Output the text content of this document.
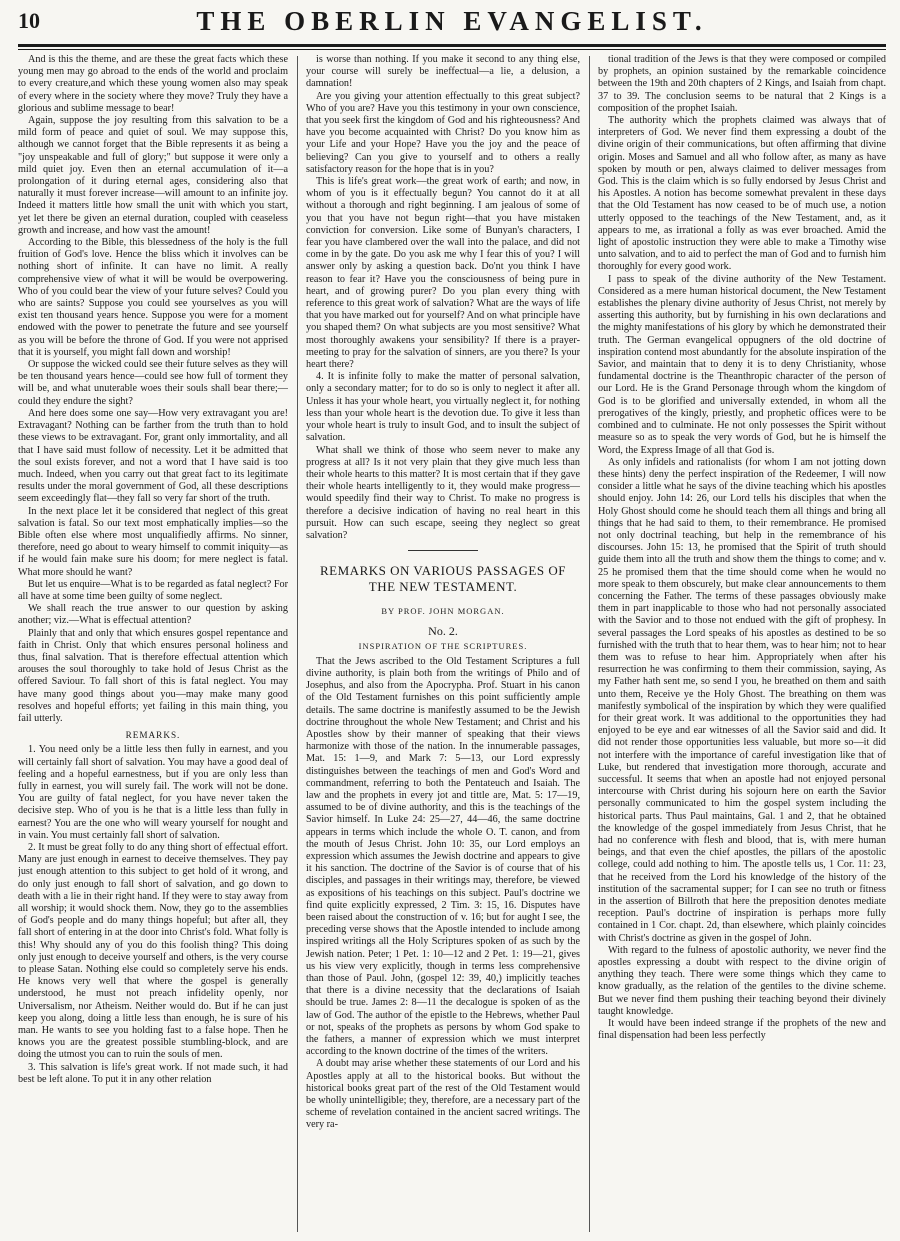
10	THE OBERLIN EVANGELIST.

And is this the theme, and are these the great facts which these young men may go abroad to the ends of the world and proclaim to every creature,and which these young women also may speak of every where in the society where they move? Truly they have a glorious and sublime message to bear!

Again, suppose the joy resulting from this salvation to be a mild form of peace and quiet of soul. We may suppose this, although we cannot forget that the Bible represents it as being a "joy unspeakable and full of glory;" but suppose it were only a mild quiet joy. Even then an eternal accumulation of it—a prolongation of it during eternal ages, considering also that naturally it must forever increase—will amount to an infinite joy. Indeed it matters little how small the unit with which you start, yet let there be given an eternal duration, coupled with ceaseless growth and increase, and how vast the amount!

According to the Bible, this blessedness of the holy is the full fruition of God's love. Hence the bliss which it involves can be nothing short of infinite. It can have no limit. A really comprehensive view of what it will be would be overpowering. Who of you could bear the view of your future selves? Could you who are saints? Suppose you could see yourselves as you will exist ten thousand years hence. Suppose you were for a moment endowed with the power to penetrate the future and see yourself as you will be before the throne of God. If you were not apprised that it is yourself, you might fall down and worship!

Or suppose the wicked could see their future selves as they will be ten thousand years hence—could see how full of torment they will be, and what unuterable woes their souls shall bear there;—could they endure the sight?

And here does some one say—How very extravagant you are! Extravagant? Nothing can be farther from the truth than to hold these views to be extravagant. For, grant only immortality, and all that I have said must follow of necessity. Let it be admitted that the soul exists forever, and not a word that I have said is too much. Indeed, when you carry out that great fact to its legitimate results under the moral government of God, all these descriptions seem exceedingly flat—they fall so very far short of the truth.

In the next place let it be considered that neglect of this great salvation is fatal. So our text most emphatically implies—so the Bible often else where most unqualifiedly affirms. No sinner, therefore, need go about to weary himself to commit iniquity—as if he would fain make sure his doom; for mere neglect is fatal. What more should he want?

But let us enquire—What is to be regarded as fatal neglect? For all have at some time been guilty of some neglect.

We shall reach the true answer to our question by asking another; viz.—What is effectual attention?

Plainly that and only that which ensures gospel repentance and faith in Christ. Only that which ensures personal holiness and thus, final salvation. That is therefore effectual attention which arouses the soul thoroughly to take hold of Jesus Christ as the offered Saviour. To fall short of this is fatal neglect. You may have many good things about you—may make many good resolves and hopeful efforts; yet failing in this main thing, you fail utterly.

REMARKS.

1. You need only be a little less then fully in earnest, and you will certainly fall short of salvation. You may have a good deal of feeling and a hopeful earnestness, but if you are only less than fully in earnest, you will surely fail. The work will not be done. You are guilty of fatal neglect, for you have never taken the decisive step. Who of you is he that is a little less than fully in earnest? You are the one who will weary yourself for nought and in vain. You must certainly fall short of salvation.

2. It must be great folly to do any thing short of effectual effort. Many are just enough in earnest to deceive themselves. They pay just enough attention to this subject to get hold of it wrong, and do only just enough to fall short of salvation, and go down to death with a lie in their right hand. If they were to stay away from all worship; it would shock them. Now, they go to the assemblies of God's people and do many things hopeful; but after all, they fall short of entering in at the door into Christ's fold. What folly is this! Why should any of you do this foolish thing? This doing only just enough to deceive yourself and others, is the very course to please Satan. Nothing else could so completely serve his ends. He knows very well that where the gospel is generally understood, he must not preach infidelity openly, nor Universalism, nor Atheism. Neither would do. But if he can just keep you along, doing a little less than enough, he is sure of his man. He wants to see you holding fast to a false hope. Then he knows you are the greatest possible stumbling-block, and are doing the utmost you can to ruin the souls of men.

3. This salvation is life's great work. If not made such, it had best be left alone. To put it in any other relation

is worse than nothing. If you make it second to any thing else, your course will surely be ineffectual—a lie, a delusion, a damnation!

Are you giving your attention effectually to this great subject? Who of you are? Have you this testimony in your own conscience, that you seek first the kingdom of God and his righteousness? And have you become acquainted with Christ? Do you know him as your Life and your Hope? Have you the joy and the peace of believing? Can you give to yourself and to others a really satisfactory reason for the hope that is in you?

This is life's great work—the great work of earth; and now, in whom of you is it effectually begun? You cannot do it at all without a thorough and right beginning. I am jealous of some of you that you have not begun right—that you have mistaken conviction for conversion. Like some of Bunyan's characters, I fear you have clambered over the wall into the palace, and did not come in by the gate. Do you ask me why I fear this of you? I will answer only by asking a question back. Do'nt you think I have reason to fear it? Have you the consciousness of being pure in heart, and of growing purer? Do you plan every thing with reference to this great work of salvation? What are the ways of life that you have marked out for yourself? And on what principle have you shaped them? On what subjects are you most sensitive? What most thoroughly awakens your sensibility? If there is a prayer-meeting to pray for the salvation of sinners, are you there? Is your heart there?

4. It is infinite folly to make the matter of personal salvation, only a secondary matter; for to do so is only to neglect it after all. Unless it has your whole heart, you virtually neglect it, for nothing less than your whole heart is the devotion due. To give it less than your whole heart is truly to insult God, and to insult the subject of salvation.

What shall we think of those who seem never to make any progress at all? Is it not very plain that they give much less than their whole hearts to this matter? It is most certain that if they gave their whole hearts intelligently to it, they would make progress—would speedily find their way to Christ. To make no progress is therefore a decisive indication of having no real heart in this pursuit. How can such escape, seeing they neglect so great salvation?

REMARKS ON VARIOUS PASSAGES OF THE NEW TESTAMENT.
BY PROF. JOHN MORGAN.
No. 2.
INSPIRATION OF THE SCRIPTURES.

That the Jews ascribed to the Old Testament Scriptures a full divine authority, is plain both from the writings of Philo and of Josephus, and also from the Apocrypha. Prof. Stuart in his canon of the Old Testament furnishes on this point sufficiently ample details. The same doctrine is manifestly assumed to be the Jewish doctrine throughout the whole New Testament; and Christ and his Apostles show by their manner of speaking that their views harmonize with those of the nation. In the innumerable passages, Mat. 15: 1—9, and Mark 7: 5—13, our Lord expressly distinguishes between the teachings of men and God's Word and commandment, referring to both the Pentateuch and Isaiah. The law and the prophets in every jot and tittle are, Mat. 5: 17—19, assumed to be of divine authority, and this is the teachings of the Savior himself. In Luke 24: 25—27, 44—46, the same doctrine appears in terms which include the whole O. T. canon, and from the mouth of Jesus Christ. John 10: 35, our Lord employs an expression which assumes the Jewish doctrine and appears to give it his sanction. The doctrine of the Savior is of course that of his disciples, and passages in their writings may, therefore, be viewed as expositions of his teachings on this subject. Paul's doctrine we find quite explicitly expressed, 2 Tim. 3: 15, 16. Disputes have been raised about the construction of v. 16; but for aught I see, the preceding verse shows that the Apostle intended to include among inspired writings all the Holy Scriptures spoken of as such by the Jewish nation. Peter; 1 Pet. 1: 10—12 and 2 Pet. 1: 19—21, gives us his view very explicitly, though in terms less comprehensive than those of Paul. John, (gospel 12: 39, 40,) implicitly teaches that there is a divine necessity that the declarations of Isaiah should be true. James 2: 8—11 the decalogue is spoken of as the law of God. The author of the epistle to the Hebrews, whether Paul or not, speaks of the prophets as persons by whom God spake to the fathers, a manner of expression which we must interpret according to the known doctrine of the times of the writers.

A doubt may arise whether these statements of our Lord and his Apostles apply at all to the historical books. But without the historical books great part of the rest of the Old Testament would be wholly unintelligible; they, therefore, are a necessary part of the scheme of revelation contained in the ancient sacred writings. The very ra-

tional tradition of the Jews is that they were composed or compiled by prophets, an opinion sustained by the remarkable coincidence between the 19th and 20th chapters of 2 Kings, and Isaiah from chapt. 37 to 39. The conclusion seems to be natural that 2 Kings is a composition of the prophet Isaiah.

The authority which the prophets claimed was always that of interpreters of God. We never find them expressing a doubt of the divine origin of their communications, but often affirming that divine origin. Moses and Samuel and all who follow after, as many as have spoken by mouth or pen, always claimed to deliver messages from God. This is the claim which is so fully endorsed by Jesus Christ and his Apostles. A notion has become somewhat prevalent in these days that the Old Testament has now ceased to be of much use, a notion utterly opposed to the teachings of the New Testament, and, as it appears to me, as irrational a folly as was ever broached. Amid the light of apostolic instruction they were able to make a Timothy wise unto salvation, and to aid to perfect the man of God and to furnish him thoroughly for every good work.

I pass to speak of the divine authority of the New Testament. Considered as a mere human historical document, the New Testament establishes the plenary divine authority of Jesus Christ, not merely by asserting this authority, but by furnishing in his own declarations and the mighty manifestations of his glory by which he demonstrated their truth. The German evangelical oppugners of the old doctrine of inspiration contend most abundantly for the absolute inspiration of the Savior, and maintain that to deny it is to deny Christianity, whose fundamental doctrine is the Theanthropic character of the person of our Lord. He is the Grand Personage through whom the kingdom of God is to be glorified and universally extended, in whom all the prerogatives of the kingly, priestly, and prophetic offices were to be combined and to culminate. He not only possesses the Spirit without measure so as to speak the very words of God, but he is himself the Word, the Express Image of all that God is.

As only infidels and rationalists (for whom I am not jotting down these hints) deny the perfect inspiration of the Redeemer, I will now consider a little what he says of the divine teaching which his apostles should enjoy. John 14: 26, our Lord tells his disciples that when the Holy Ghost should come he should teach them all things and bring all things that he had said to them, to their remembrance. He promised not only doctrinal teaching, but help in the remembrance of his discourses. John 15: 13, he promised that the Spirit of truth should guide them into all the truth and show them the things to come; and v. 25 he promised them that the time should come when he would no more speak to them obscurely, but make clear announcements to them concerning the Father. The terms of these passages obviously make them in part inapplicable to those who had not personally associated with the Savior and to those not endued with the gift of prophesy. In several passages the Lord speaks of his apostles as destined to be so furnished with the truth that to hear them, was to hear him; not to hear them was to refuse to hear him. Appropriately when after his resurrection he was confirming to them their commission, saying, As my Father hath sent me, so send I you, he breathed on them and saith unto them, Receive ye the Holy Ghost. The breathing on them was manifestly symbolical of the inspiration by which they were qualified for their great work. It was additional to the opportunities they had enjoyed to be eye and ear witnesses of all the Savior said and did. It did not render those opportunities less valuable, but more so—it did not interfere with the importance of careful investigation like that of Luke, but rendered that investigation more thorough, accurate and successful. It seems that when an apostle had not enjoyed personal intercourse with Christ during his sojourn here on earth the Savior personally communicated to him the gospel system including the historical parts. Thus Paul maintains, Gal. 1 and 2, that he obtained the knowledge of the gospel immediately from Jesus Christ, that he had no conference with flesh and blood, that is, with mere human beings, and that even the chief apostles, the pillars of the apostolic college, could add nothing to him. The apostle tells us, 1 Cor. 11: 23, that he received from the Lord his knowledge of the history of the institution of the sacramental supper; for I can see no truth or fitness in the assertion of Billroth that here the preposition denotes mediate reception. Paul's doctrine of inspiration is perhaps more fully contained in 1 Cor. chapt. 2d, than elsewhere, which plainly coincides with Christ's doctrine as given in the gospel of John.

With regard to the fulness of apostolic authority, we never find the apostles expressing a doubt with respect to the divine origin of anything they teach. There were some things which they came to know gradually, as the relation of the gentiles to the divine scheme. But we never find them pushing their teaching beyond their divinely taught knowledge.

It would have been indeed strange if the prophets of the new and final dispensation had been less perfectly
